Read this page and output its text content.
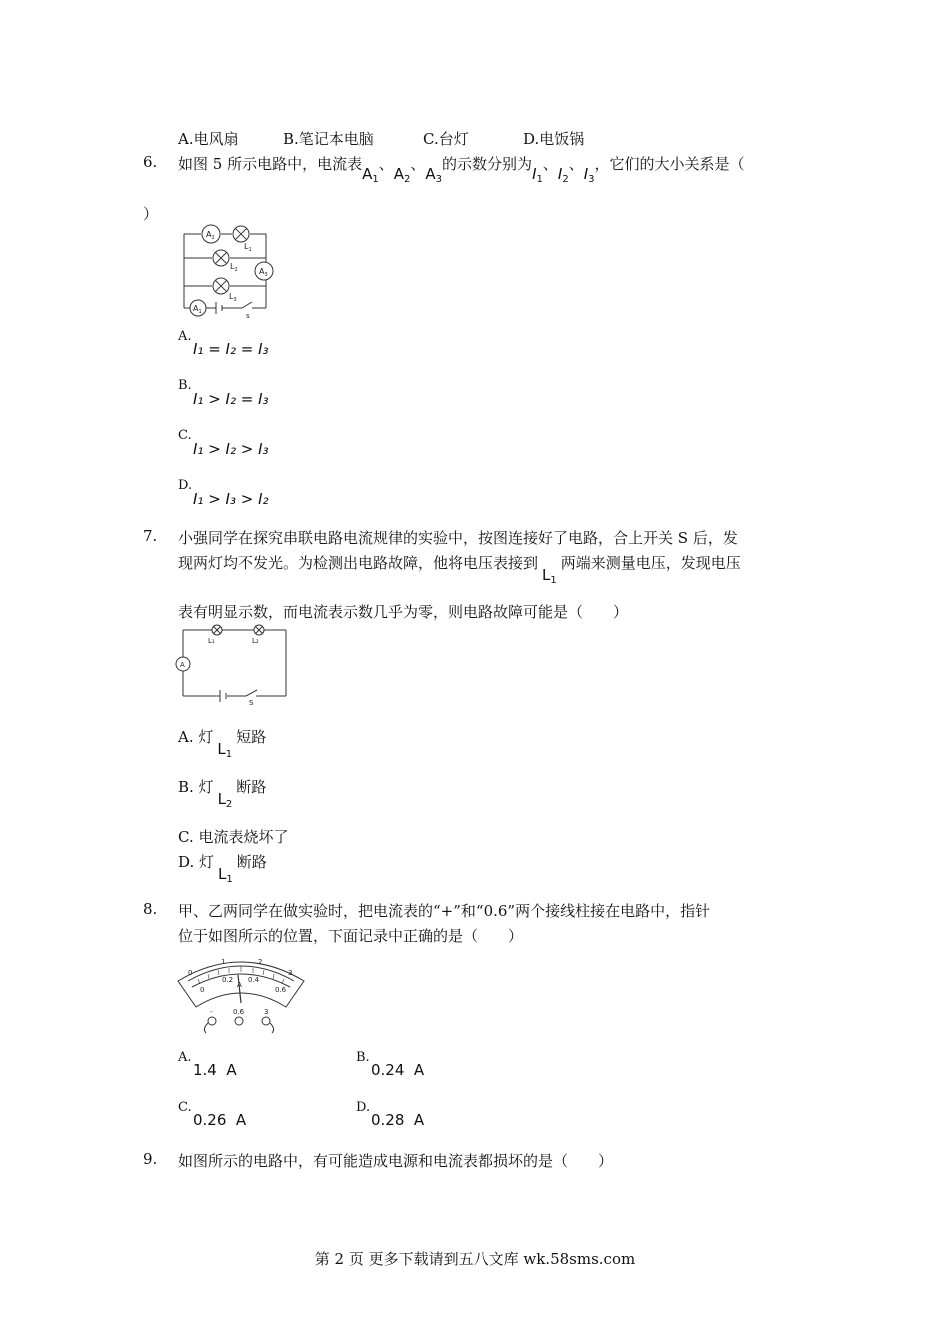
A.电风扇	B.笔记本电脑	C.台灯	D.电饭锅
6. 如图 5 所示电路中，电流表$A_1$、$A_2$、$A_3$的示数分别为$I_1$、$I_2$、$I_3$，它们的大小关系是（
）
$A_2$
$L_1$
$L_2$	$A_3$
$L_3$
$A_1$	s
A.
I₁ = I₂ = I₃
B.
I₁ > I₂ = I₃
C.
I₁ > I₂ > I₃
D.
I₁ > I₃ > I₂
7. 小强同学在探究串联电路电流规律的实验中，按图连接好了电路，合上开关 S 后，发
现两灯均不发光。为检测出电路故障，他将电压表接到$L_1$两端来测量电压，发现电压
表有明显示数，而电流表示数几乎为零，则电路故障可能是（　　）
L₁	L₂
A
S
A. 灯$L_1$短路
B. 灯$L_2$断路
C. 电流表烧坏了
D. 灯$L_1$断路
8. 甲、乙两同学在做实验时，把电流表的“+”和“0.6”两个接线柱接在电路中，指针
位于如图所示的位置，下面记录中正确的是（　　）
0
1	2
3
0
0.2 0.4
0.6
A
-	0.6	3
A.
1.4  A
B.
0.24  A
C.
0.26  A
D.
0.28  A
9. 如图所示的电路中，有可能造成电源和电流表都损坏的是（　　）
第 2 页 更多下载请到五八文库 wk.58sms.com
